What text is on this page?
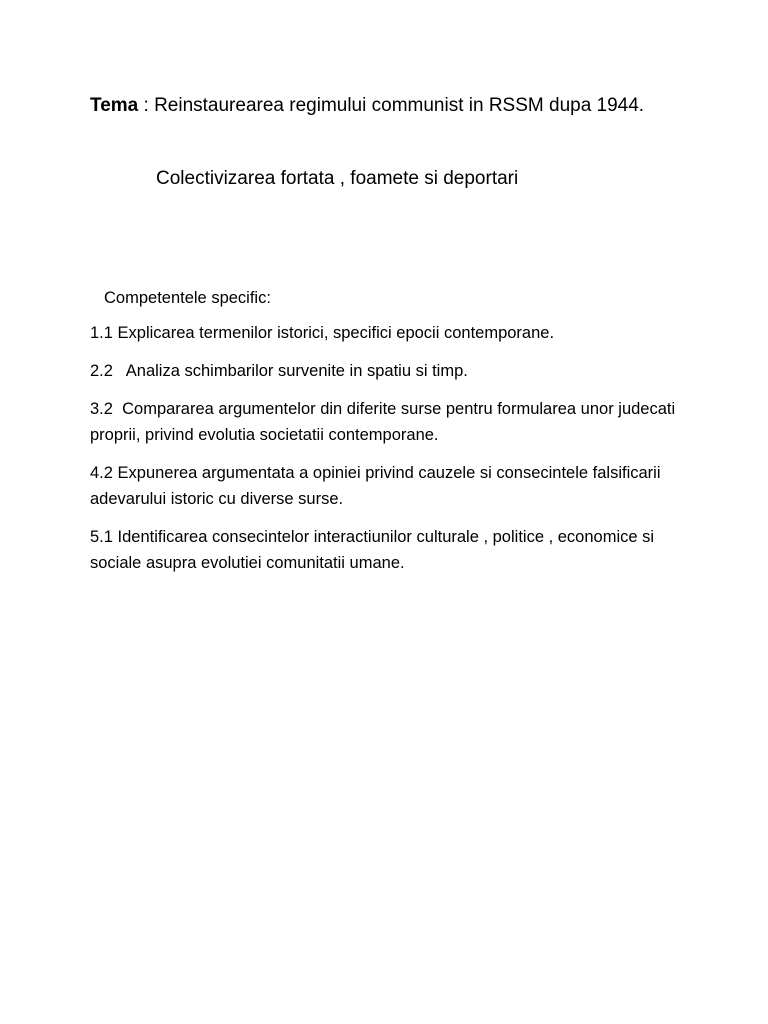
Tema : Reinstaurearea regimului communist in RSSM dupa 1944.
Colectivizarea fortata , foamete si deportari
Competentele specific:
1.1 Explicarea termenilor istorici, specifici epocii contemporane.
2.2   Analiza schimbarilor survenite in spatiu si timp.
3.2  Compararea argumentelor din diferite surse pentru formularea unor judecati proprii, privind evolutia societatii contemporane.
4.2 Expunerea argumentata a opiniei privind cauzele si consecintele falsificarii adevarului istoric cu diverse surse.
5.1 Identificarea consecintelor interactiunilor culturale , politice , economice si sociale asupra evolutiei comunitatii umane.
